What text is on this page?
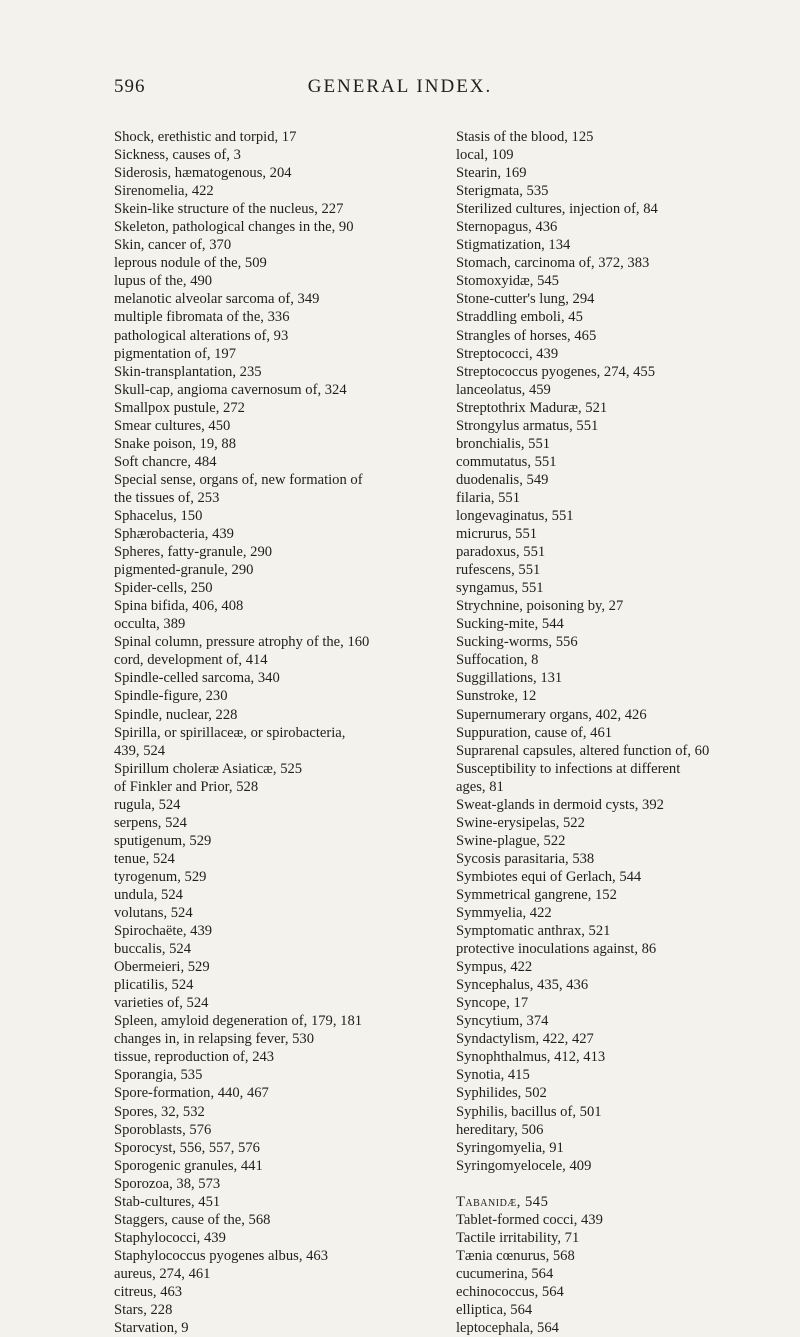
596	GENERAL INDEX.
Shock, erethistic and torpid, 17
Sickness, causes of, 3
Siderosis, hæmatogenous, 204
Sirenomelia, 422
Skein-like structure of the nucleus, 227
Skeleton, pathological changes in the, 90
Skin, cancer of, 370
leprous nodule of the, 509
lupus of the, 490
melanotic alveolar sarcoma of, 349
multiple fibromata of the, 336
pathological alterations of, 93
pigmentation of, 197
Skin-transplantation, 235
Skull-cap, angioma cavernosum of, 324
Smallpox pustule, 272
Smear cultures, 450
Snake poison, 19, 88
Soft chancre, 484
Special sense, organs of, new formation of
the tissues of, 253
Sphacelus, 150
Sphærobacteria, 439
Spheres, fatty-granule, 290
pigmented-granule, 290
Spider-cells, 250
Spina bifida, 406, 408
occulta, 389
Spinal column, pressure atrophy of the, 160
cord, development of, 414
Spindle-celled sarcoma, 340
Spindle-figure, 230
Spindle, nuclear, 228
Spirilla, or spirillaceæ, or spirobacteria,
439, 524
Spirillum choleræ Asiaticæ, 525
of Finkler and Prior, 528
rugula, 524
serpens, 524
sputigenum, 529
tenue, 524
tyrogenum, 529
undula, 524
volutans, 524
Spirochaëte, 439
buccalis, 524
Obermeieri, 529
plicatilis, 524
varieties of, 524
Spleen, amyloid degeneration of, 179, 181
changes in, in relapsing fever, 530
tissue, reproduction of, 243
Sporangia, 535
Spore-formation, 440, 467
Spores, 32, 532
Sporoblasts, 576
Sporocyst, 556, 557, 576
Sporogenic granules, 441
Sporozoa, 38, 573
Stab-cultures, 451
Staggers, cause of the, 568
Staphylococci, 439
Staphylococcus pyogenes albus, 463
aureus, 274, 461
citreus, 463
Stars, 228
Starvation, 9
Stasis of the blood, 125
local, 109
Stearin, 169
Sterigmata, 535
Sterilized cultures, injection of, 84
Sternopagus, 436
Stigmatization, 134
Stomach, carcinoma of, 372, 383
Stomoxyidæ, 545
Stone-cutter's lung, 294
Straddling emboli, 45
Strangles of horses, 465
Streptococci, 439
Streptococcus pyogenes, 274, 455
lanceolatus, 459
Streptothrix Maduræ, 521
Strongylus armatus, 551
bronchialis, 551
commutatus, 551
duodenalis, 549
filaria, 551
longevaginatus, 551
micrurus, 551
paradoxus, 551
rufescens, 551
syngamus, 551
Strychnine, poisoning by, 27
Sucking-mite, 544
Sucking-worms, 556
Suffocation, 8
Suggillations, 131
Sunstroke, 12
Supernumerary organs, 402, 426
Suppuration, cause of, 461
Suprarenal capsules, altered function of, 60
Susceptibility to infections at different
ages, 81
Sweat-glands in dermoid cysts, 392
Swine-erysipelas, 522
Swine-plague, 522
Sycosis parasitaria, 538
Symbiotes equi of Gerlach, 544
Symmetrical gangrene, 152
Symmyelia, 422
Symptomatic anthrax, 521
protective inoculations against, 86
Sympus, 422
Syncephalus, 435, 436
Syncope, 17
Syncytium, 374
Syndactylism, 422, 427
Synophthalmus, 412, 413
Synotia, 415
Syphilides, 502
Syphilis, bacillus of, 501
hereditary, 506
Syringomyelia, 91
Syringomyelocele, 409
Tabanidæ, 545
Tablet-formed cocci, 439
Tactile irritability, 71
Tænia cœnurus, 568
cucumerina, 564
echinococcus, 564
elliptica, 564
leptocephala, 564
